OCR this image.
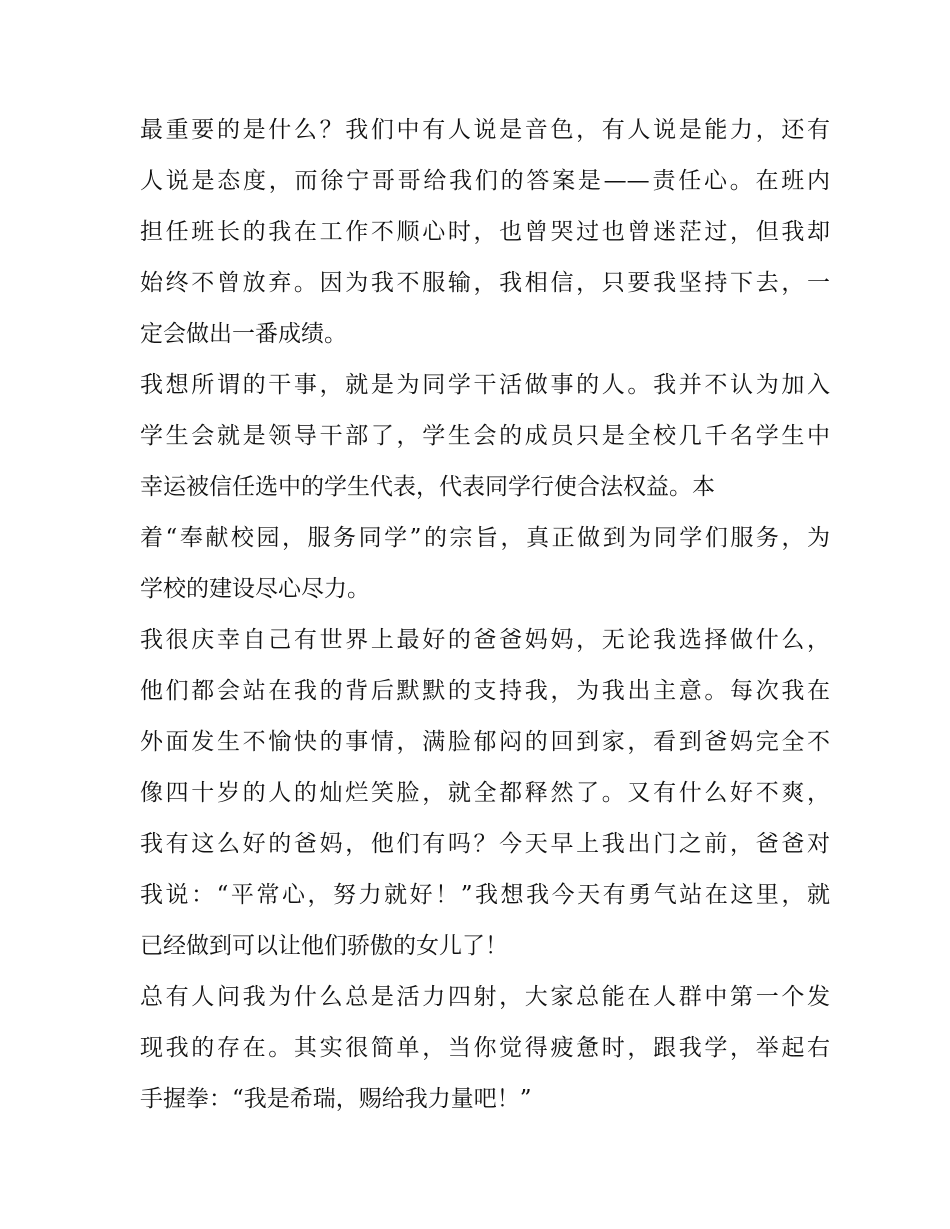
最重要的是什么？我们中有人说是音色，有人说是能力，还有
人说是态度，而徐宁哥哥给我们的答案是——责任心。在班内
担任班长的我在工作不顺心时，也曾哭过也曾迷茫过，但我却
始终不曾放弃。因为我不服输，我相信，只要我坚持下去，一
定会做出一番成绩。
我想所谓的干事，就是为同学干活做事的人。我并不认为加入
学生会就是领导干部了，学生会的成员只是全校几千名学生中
幸运被信任选中的学生代表，代表同学行使合法权益。本
着“奉献校园，服务同学”的宗旨，真正做到为同学们服务，为
学校的建设尽心尽力。
我很庆幸自己有世界上最好的爸爸妈妈，无论我选择做什么，
他们都会站在我的背后默默的支持我，为我出主意。每次我在
外面发生不愉快的事情，满脸郁闷的回到家，看到爸妈完全不
像四十岁的人的灿烂笑脸，就全都释然了。又有什么好不爽，
我有这么好的爸妈，他们有吗？今天早上我出门之前，爸爸对
我说：“平常心，努力就好！”我想我今天有勇气站在这里，就
已经做到可以让他们骄傲的女儿了！
总有人问我为什么总是活力四射，大家总能在人群中第一个发
现我的存在。其实很简单，当你觉得疲惫时，跟我学，举起右
手握拳：“我是希瑞，赐给我力量吧！”
